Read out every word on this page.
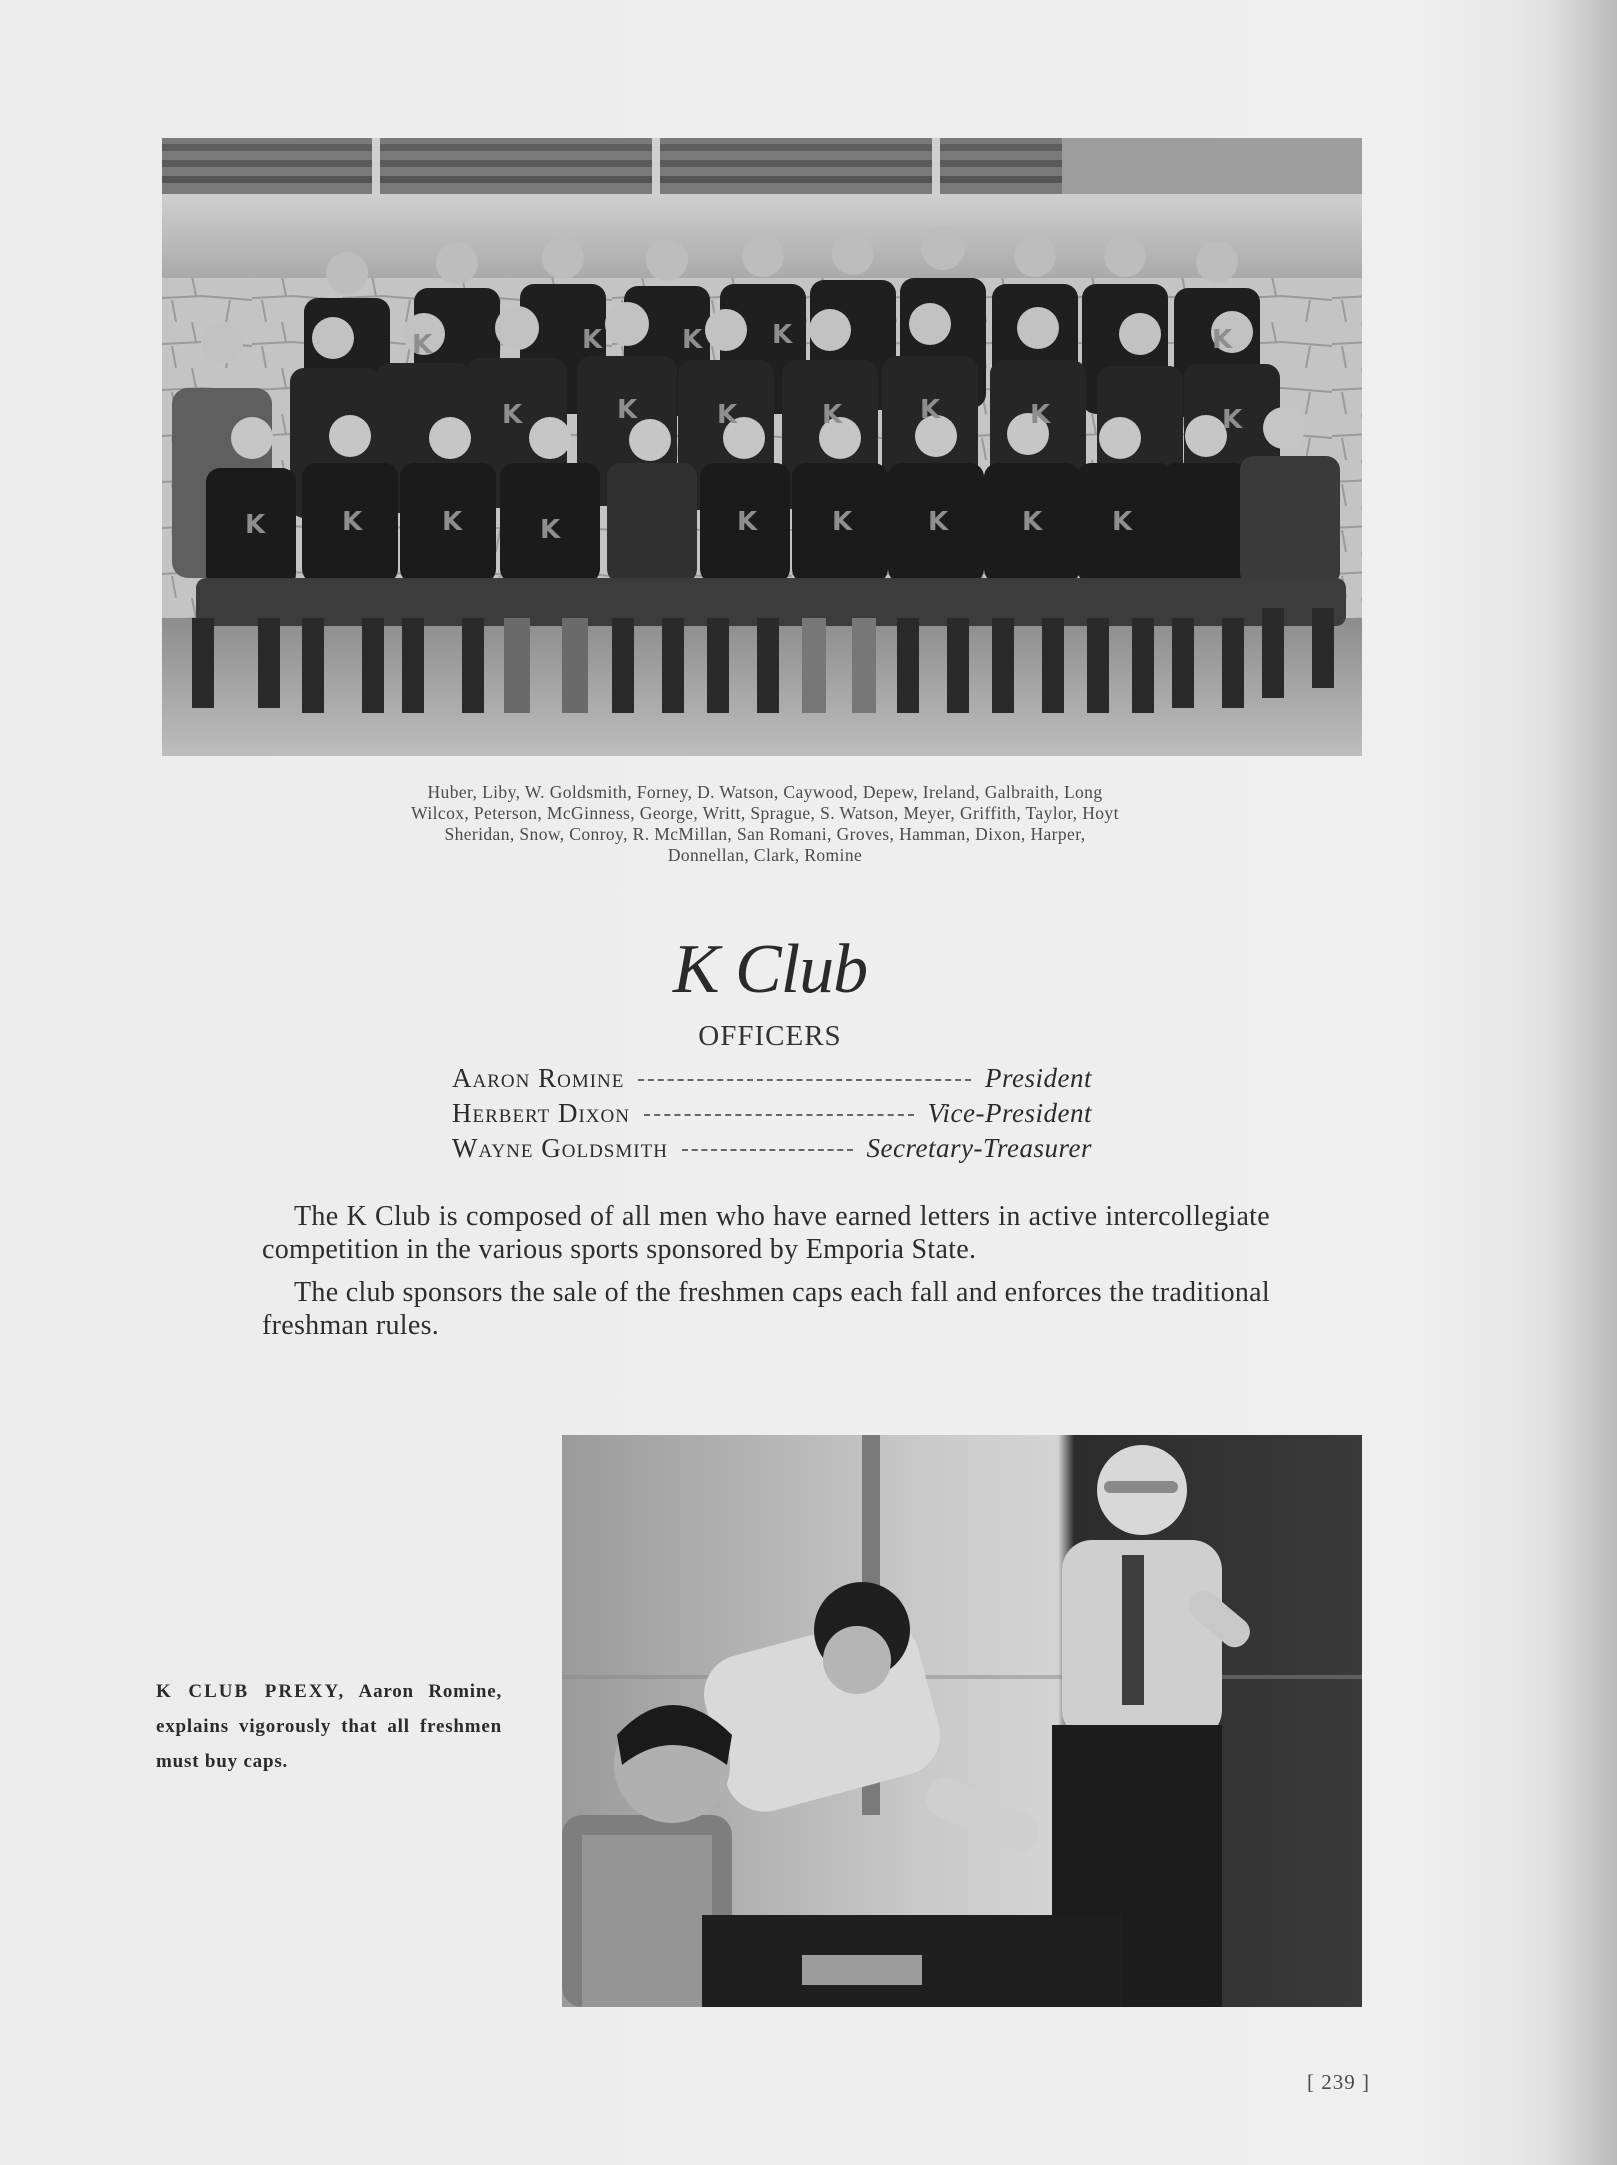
K	K	K	K	K	K	K	K	K
K	K	K	K	K	K	K
K	K	K	K	K
Huber, Liby, W. Goldsmith, Forney, D. Watson, Caywood, Depew, Ireland, Galbraith, Long
Wilcox, Peterson, McGinness, George, Writt, Sprague, S. Watson, Meyer, Griffith, Taylor, Hoyt
Sheridan, Snow, Conroy, R. McMillan, San Romani, Groves, Hamman, Dixon, Harper,
Donnellan, Clark, Romine
K Club
OFFICERS
Aaron Romine	President
Herbert Dixon	Vice-President
Wayne Goldsmith	Secretary-Treasurer

The K Club is composed of all men who have earned letters in active intercollegiate competition in the various sports sponsored by Emporia State.

The club sponsors the sale of the freshmen caps each fall and enforces the traditional freshman rules.

K CLUB PREXY, Aaron Romine, explains vigorously that all freshmen must buy caps.
[ 239 ]
